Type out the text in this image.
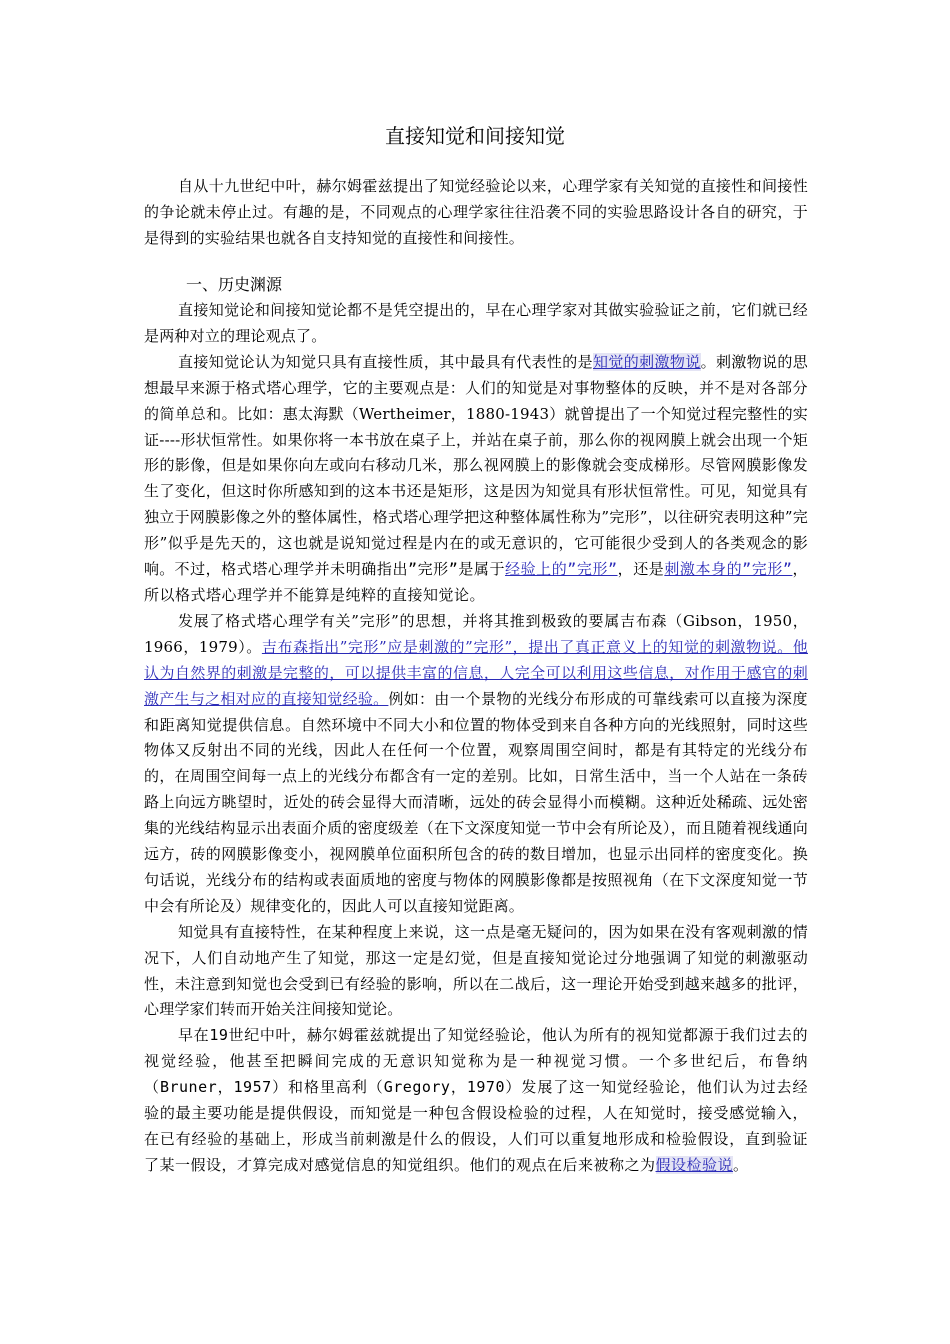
直接知觉和间接知觉

自从十九世纪中叶，赫尔姆霍兹提出了知觉经验论以来，心理学家有关知觉的直接性和间接性的争论就未停止过。有趣的是，不同观点的心理学家往往沿袭不同的实验思路设计各自的研究，于是得到的实验结果也就各自支持知觉的直接性和间接性。

一、历史渊源

直接知觉论和间接知觉论都不是凭空提出的，早在心理学家对其做实验验证之前，它们就已经是两种对立的理论观点了。

直接知觉论认为知觉只具有直接性质，其中最具有代表性的是知觉的刺激物说。刺激物说的思想最早来源于格式塔心理学，它的主要观点是：人们的知觉是对事物整体的反映，并不是对各部分的简单总和。比如：惠太海默（Wertheimer，1880-1943）就曾提出了一个知觉过程完整性的实证----形状恒常性。如果你将一本书放在桌子上，并站在桌子前，那么你的视网膜上就会出现一个矩形的影像，但是如果你向左或向右移动几米，那么视网膜上的影像就会变成梯形。尽管网膜影像发生了变化，但这时你所感知到的这本书还是矩形，这是因为知觉具有形状恒常性。可见，知觉具有独立于网膜影像之外的整体属性，格式塔心理学把这种整体属性称为”完形”，以往研究表明这种”完形”似乎是先天的，这也就是说知觉过程是内在的或无意识的，它可能很少受到人的各类观念的影响。不过，格式塔心理学并未明确指出”完形”是属于经验上的”完形”，还是刺激本身的”完形”，所以格式塔心理学并不能算是纯粹的直接知觉论。

发展了格式塔心理学有关”完形”的思想，并将其推到极致的要属吉布森（Gibson，1950，1966，1979）。吉布森指出”完形”应是刺激的”完形”，提出了真正意义上的知觉的刺激物说。他认为自然界的刺激是完整的，可以提供丰富的信息，人完全可以利用这些信息，对作用于感官的刺激产生与之相对应的直接知觉经验。例如：由一个景物的光线分布形成的可靠线索可以直接为深度和距离知觉提供信息。自然环境中不同大小和位置的物体受到来自各种方向的光线照射，同时这些物体又反射出不同的光线，因此人在任何一个位置，观察周围空间时，都是有其特定的光线分布的，在周围空间每一点上的光线分布都含有一定的差别。比如，日常生活中，当一个人站在一条砖路上向远方眺望时，近处的砖会显得大而清晰，远处的砖会显得小而模糊。这种近处稀疏、远处密集的光线结构显示出表面介质的密度级差（在下文深度知觉一节中会有所论及），而且随着视线通向远方，砖的网膜影像变小，视网膜单位面积所包含的砖的数目增加，也显示出同样的密度变化。换句话说，光线分布的结构或表面质地的密度与物体的网膜影像都是按照视角（在下文深度知觉一节中会有所论及）规律变化的，因此人可以直接知觉距离。

知觉具有直接特性，在某种程度上来说，这一点是毫无疑问的，因为如果在没有客观刺激的情况下，人们自动地产生了知觉，那这一定是幻觉，但是直接知觉论过分地强调了知觉的刺激驱动性，未注意到知觉也会受到已有经验的影响，所以在二战后，这一理论开始受到越来越多的批评，心理学家们转而开始关注间接知觉论。

早在19世纪中叶，赫尔姆霍兹就提出了知觉经验论，他认为所有的视知觉都源于我们过去的视觉经验，他甚至把瞬间完成的无意识知觉称为是一种视觉习惯。一个多世纪后，布鲁纳（Bruner，1957）和格里高利（Gregory，1970）发展了这一知觉经验论，他们认为过去经验的最主要功能是提供假设，而知觉是一种包含假设检验的过程，人在知觉时，接受感觉输入，在已有经验的基础上，形成当前刺激是什么的假设，人们可以重复地形成和检验假设，直到验证了某一假设，才算完成对感觉信息的知觉组织。他们的观点在后来被称之为假设检验说。
